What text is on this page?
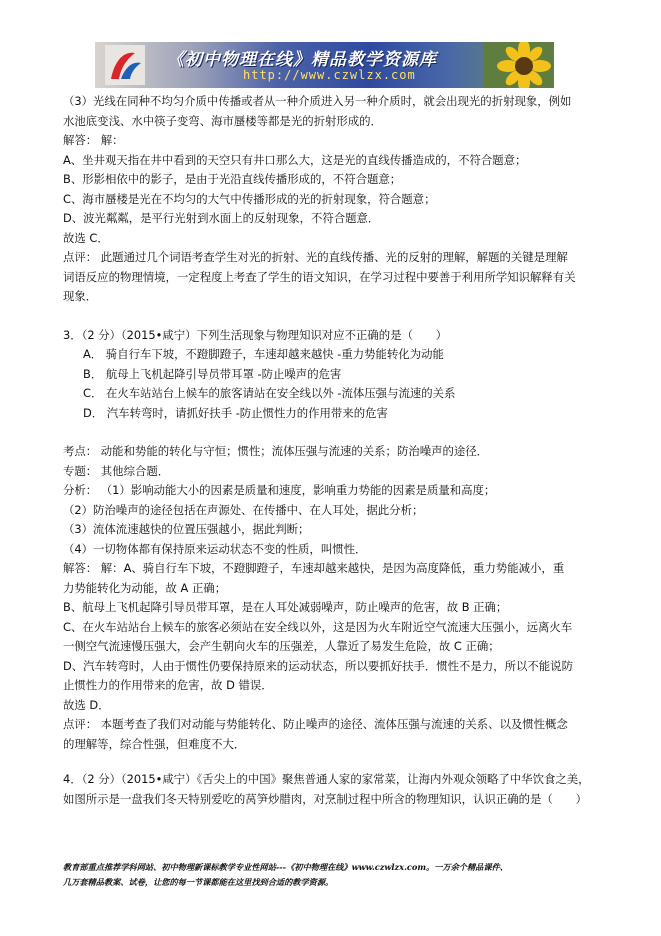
《初中物理在线》精品教学资源库
http://www.czwlzx.com

（3）光线在同种不均匀介质中传播或者从一种介质进入另一种介质时，就会出现光的折射现象，例如

水池底变浅、水中筷子变弯、海市蜃楼等都是光的折射形成的．

解答： 解：

A、坐井观天指在井中看到的天空只有井口那么大，这是光的直线传播造成的，不符合题意；

B、形影相依中的影子，是由于光沿直线传播形成的，不符合题意；

C、海市蜃楼是光在不均匀的大气中传播形成的光的折射现象，符合题意；

D、波光粼粼，是平行光射到水面上的反射现象，不符合题意．

故选 C．

点评： 此题通过几个词语考查学生对光的折射、光的直线传播、光的反射的理解，解题的关键是理解

词语反应的物理情境，一定程度上考查了学生的语文知识，在学习过程中要善于利用所学知识解释有关

现象．

3．（2 分）（2015•咸宁）下列生活现象与物理知识对应不正确的是（　　）

A． 骑自行车下坡，不蹬脚蹬子，车速却越来越快 -重力势能转化为动能

B． 航母上飞机起降引导员带耳罩 -防止噪声的危害

C． 在火车站站台上候车的旅客请站在安全线以外 -流体压强与流速的关系

D． 汽车转弯时，请抓好扶手 -防止惯性力的作用带来的危害

考点： 动能和势能的转化与守恒；惯性；流体压强与流速的关系；防治噪声的途径．

专题： 其他综合题．

分析： （1）影响动能大小的因素是质量和速度，影响重力势能的因素是质量和高度；

（2）防治噪声的途径包括在声源处、在传播中、在人耳处，据此分析；

（3）流体流速越快的位置压强越小，据此判断；

（4）一切物体都有保持原来运动状态不变的性质，叫惯性．

解答： 解：A、骑自行车下坡，不蹬脚蹬子，车速却越来越快，是因为高度降低，重力势能减小，重

力势能转化为动能，故 A 正确；

B、航母上飞机起降引导员带耳罩，是在人耳处减弱噪声，防止噪声的危害，故 B 正确；

C、在火车站站台上候车的旅客必须站在安全线以外，这是因为火车附近空气流速大压强小，远离火车

一侧空气流速慢压强大，会产生朝向火车的压强差，人靠近了易发生危险，故 C 正确；

D、汽车转弯时，人由于惯性仍要保持原来的运动状态，所以要抓好扶手．惯性不是力，所以不能说防

止惯性力的作用带来的危害，故 D 错误．

故选 D．

点评： 本题考查了我们对动能与势能转化、防止噪声的途径、流体压强与流速的关系、以及惯性概念

的理解等，综合性强，但难度不大．

4．（2 分）（2015•咸宁）《舌尖上的中国》聚焦普通人家的家常菜，让海内外观众领略了中华饮食之美，

如图所示是一盘我们冬天特别爱吃的莴笋炒腊肉，对烹制过程中所含的物理知识，认识正确的是（　　）

教育部重点推荐学科网站、初中物理新课标教学专业性网站---《初中物理在线》www.czwlzx.com。一万余个精品课件、
几万套精品教案、试卷，让您的每一节课都能在这里找到合适的教学资源。
